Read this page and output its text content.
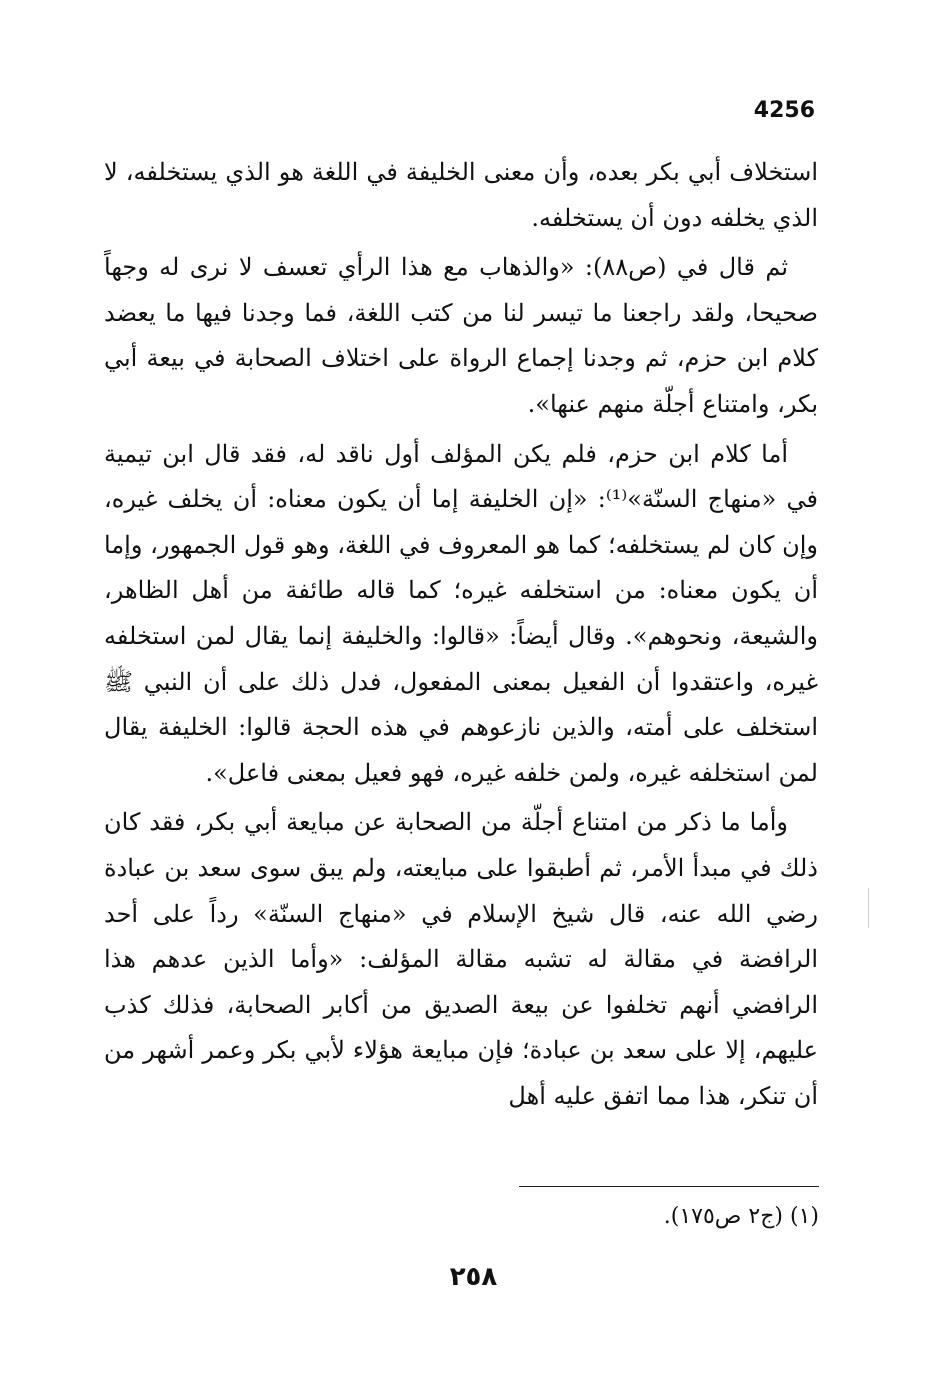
4256

استخلاف أبي بكر بعده، وأن معنى الخليفة في اللغة هو الذي يستخلفه، لا الذي يخلفه دون أن يستخلفه.

ثم قال في (ص٨٨): «والذهاب مع هذا الرأي تعسف لا نرى له وجهاً صحيحا، ولقد راجعنا ما تيسر لنا من كتب اللغة، فما وجدنا فيها ما يعضد كلام ابن حزم، ثم وجدنا إجماع الرواة على اختلاف الصحابة في بيعة أبي بكر، وامتناع أجلّة منهم عنها».

أما كلام ابن حزم، فلم يكن المؤلف أول ناقد له، فقد قال ابن تيمية في «منهاج السنّة»⁽¹⁾: «إن الخليفة إما أن يكون معناه: أن يخلف غيره، وإن كان لم يستخلفه؛ كما هو المعروف في اللغة، وهو قول الجمهور، وإما أن يكون معناه: من استخلفه غيره؛ كما قاله طائفة من أهل الظاهر، والشيعة، ونحوهم». وقال أيضاً: «قالوا: والخليفة إنما يقال لمن استخلفه غيره، واعتقدوا أن الفعيل بمعنى المفعول، فدل ذلك على أن النبي ﷺ استخلف على أمته، والذين نازعوهم في هذه الحجة قالوا: الخليفة يقال لمن استخلفه غيره، ولمن خلفه غيره، فهو فعيل بمعنى فاعل».

وأما ما ذكر من امتناع أجلّة من الصحابة عن مبايعة أبي بكر، فقد كان ذلك في مبدأ الأمر، ثم أطبقوا على مبايعته، ولم يبق سوى سعد بن عبادة رضي الله عنه، قال شيخ الإسلام في «منهاج السنّة» رداً على أحد الرافضة في مقالة له تشبه مقالة المؤلف: «وأما الذين عدهم هذا الرافضي أنهم تخلفوا عن بيعة الصديق من أكابر الصحابة، فذلك كذب عليهم، إلا على سعد بن عبادة؛ فإن مبايعة هؤلاء لأبي بكر وعمر أشهر من أن تنكر، هذا مما اتفق عليه أهل

(١) (ج٢ ص١٧٥).
٢٥٨
